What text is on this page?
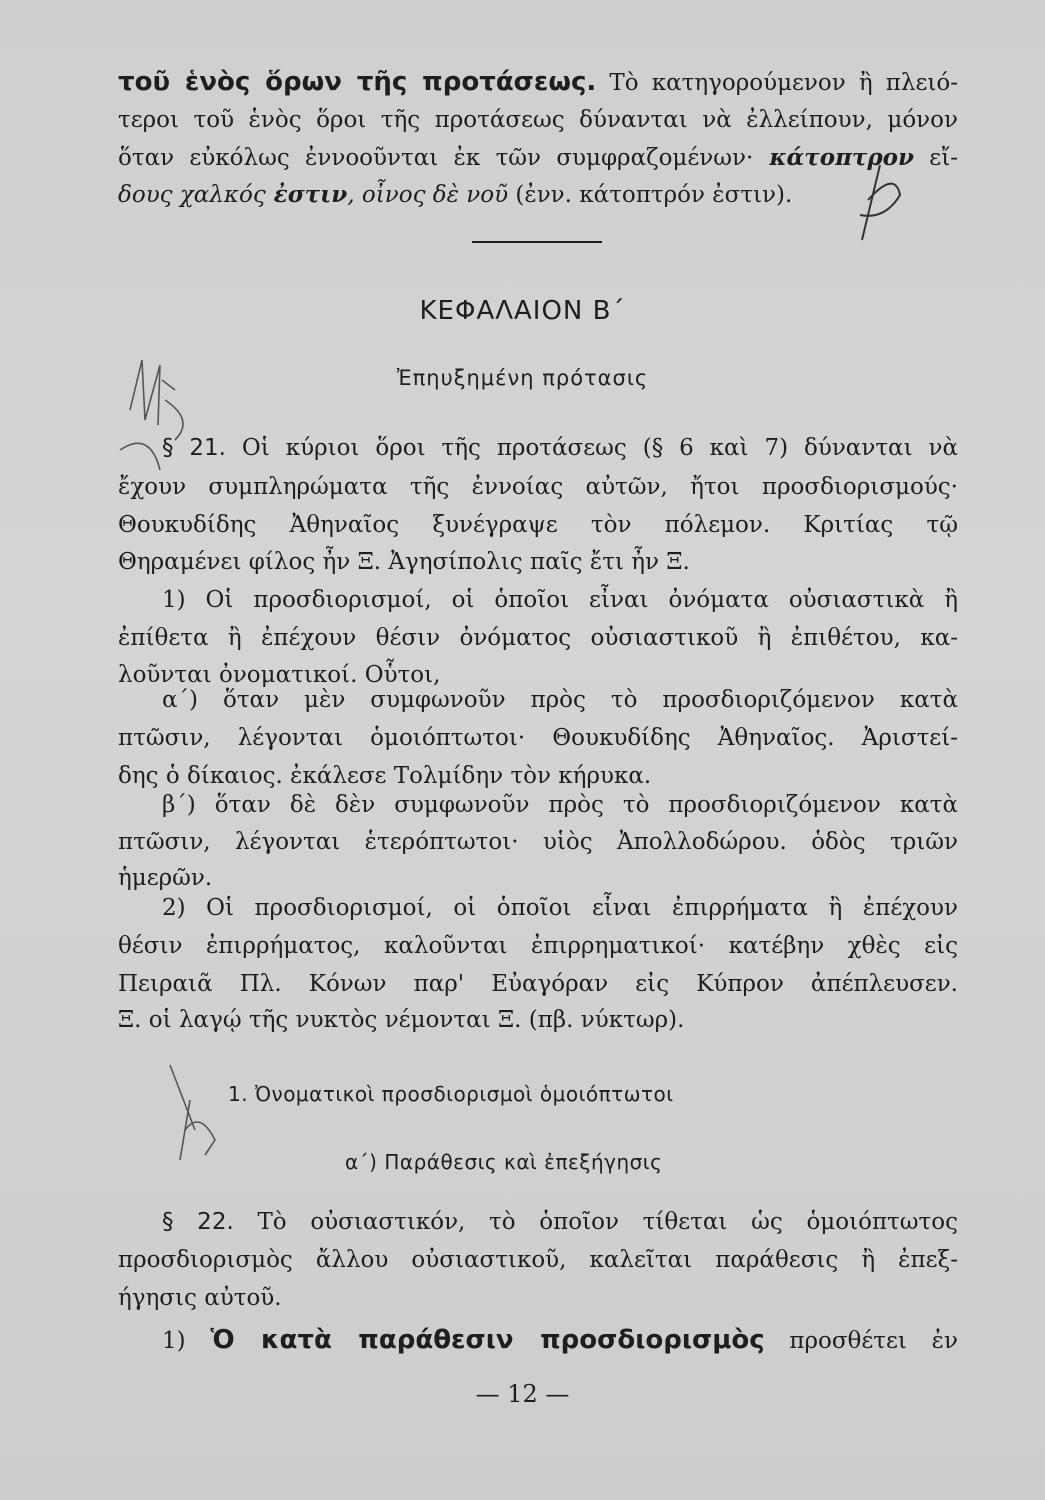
τοῦ ἑνὸς ὅρων τῆς προτάσεως. Τὸ κατηγορούμενον ἢ πλειό-
τεροι τοῦ ἑνὸς ὅροι τῆς προτάσεως δύνανται νὰ ἐλλείπουν, μόνον
ὅταν εὐκόλως ἐννοοῦνται ἐκ τῶν συμφραζομένων· κάτοπτρον εἴ-
δους χαλκός ἐστιν, οἶνος δὲ νοῦ (ἐνν. κάτοπτρόν ἐστιν).
ΚΕΦΑΛΑΙΟΝ Β΄
Ἐπηυξημένη πρότασις
§ 21. Οἱ κύριοι ὅροι τῆς προτάσεως (§ 6 καὶ 7) δύνανται νὰ
ἔχουν συμπληρώματα τῆς ἐννοίας αὐτῶν, ἤτοι προσδιορισμούς·
Θουκυδίδης Ἀθηναῖος ξυνέγραψε τὸν πόλεμον. Κριτίας τῷ
Θηραμένει φίλος ἦν Ξ. Ἀγησίπολις παῖς ἔτι ἦν Ξ.
1) Οἱ προσδιορισμοί, οἱ ὁποῖοι εἶναι ὀνόματα οὐσιαστικὰ ἢ
ἐπίθετα ἢ ἐπέχουν θέσιν ὀνόματος οὐσιαστικοῦ ἢ ἐπιθέτου, κα-
λοῦνται ὀνοματικοί. Οὗτοι,
α΄) ὅταν μὲν συμφωνοῦν πρὸς τὸ προσδιοριζόμενον κατὰ
πτῶσιν, λέγονται ὁμοιόπτωτοι· Θουκυδίδης Ἀθηναῖος. Ἀριστεί-
δης ὁ δίκαιος. ἐκάλεσε Τολμίδην τὸν κήρυκα.
β΄) ὅταν δὲ δὲν συμφωνοῦν πρὸς τὸ προσδιοριζόμενον κατὰ
πτῶσιν, λέγονται ἑτερόπτωτοι· υἱὸς Ἀπολλοδώρου. ὁδὸς τριῶν
ἡμερῶν.
2) Οἱ προσδιορισμοί, οἱ ὁποῖοι εἶναι ἐπιρρήματα ἢ ἐπέχουν
θέσιν ἐπιρρήματος, καλοῦνται ἐπιρρηματικοί· κατέβην χθὲς εἰς
Πειραιᾶ Πλ. Κόνων παρ' Εὐαγόραν εἰς Κύπρον ἀπέπλευσεν.
Ξ. οἱ λαγῴ τῆς νυκτὸς νέμονται Ξ. (πβ. νύκτωρ).
1. Ὀνοματικοὶ προσδιορισμοὶ ὁμοιόπτωτοι
α΄) Παράθεσις καὶ ἐπεξήγησις
§ 22. Τὸ οὐσιαστικόν, τὸ ὁποῖον τίθεται ὡς ὁμοιόπτωτος
προσδιορισμὸς ἄλλου οὐσιαστικοῦ, καλεῖται παράθεσις ἢ ἐπεξ-
ήγησις αὐτοῦ.
1) Ὁ κατὰ παράθεσιν προσδιορισμὸς προσθέτει ἐν
— 12 —
